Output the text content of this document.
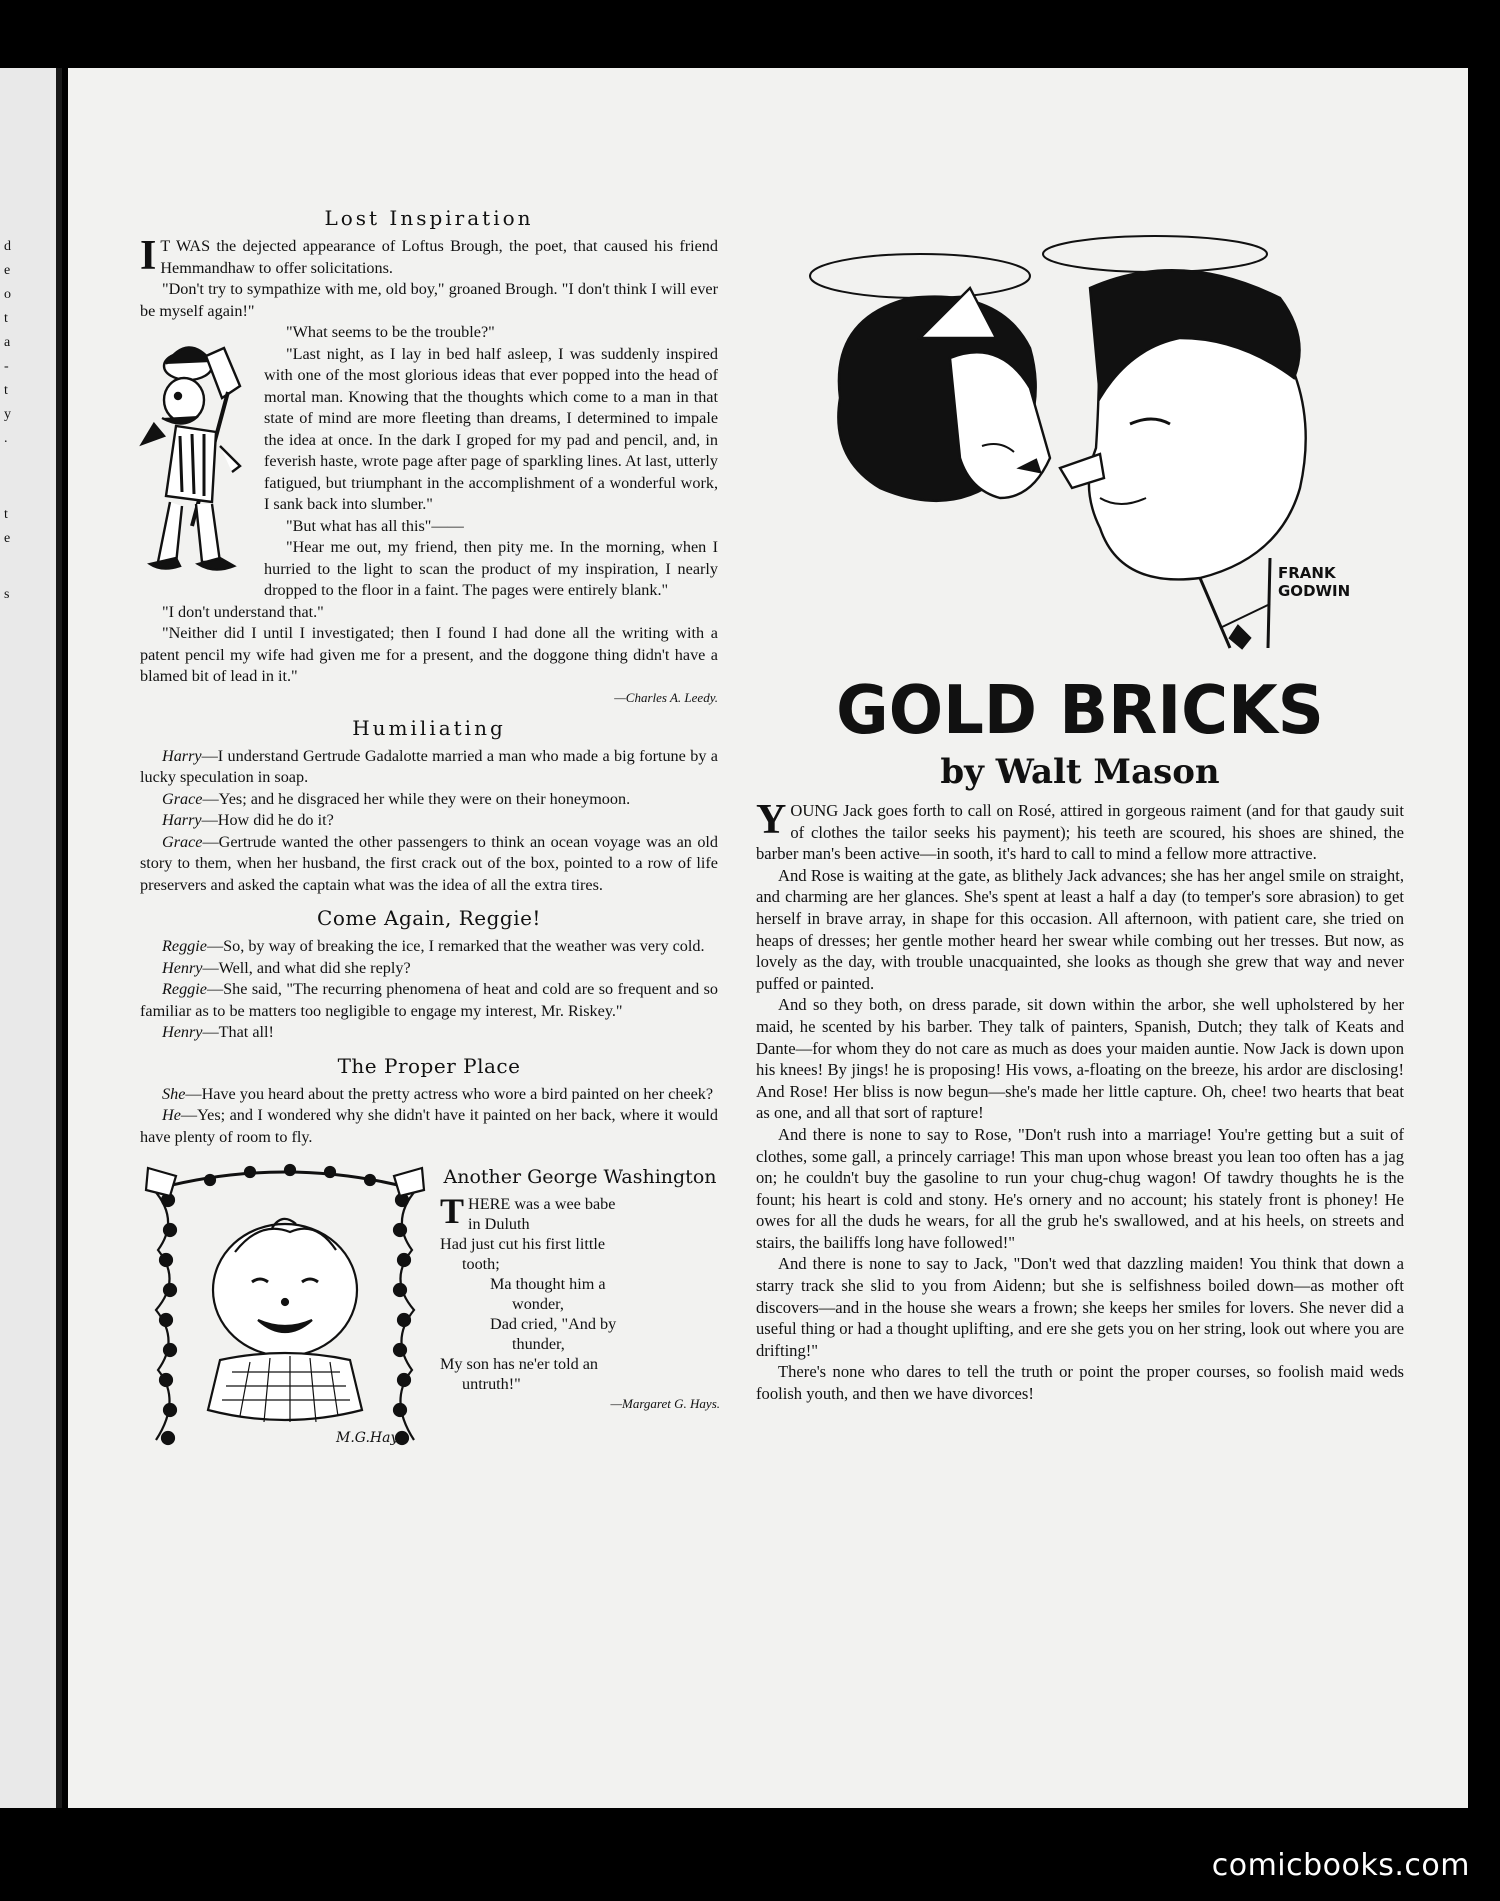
d
e
o
t
a
-
t
y
.
t
e
s
Lost Inspiration

I T WAS the dejected appearance of Loftus Brough, the poet, that caused his friend Hemmandhaw to offer solicitations.

"Don't try to sympathize with me, old boy," groaned Brough. "I don't think I will ever be myself again!"

"What seems to be the trouble?"

"Last night, as I lay in bed half asleep, I was suddenly inspired with one of the most glorious ideas that ever popped into the head of mortal man. Knowing that the thoughts which come to a man in that state of mind are more fleeting than dreams, I determined to impale the idea at once. In the dark I groped for my pad and pencil, and, in feverish haste, wrote page after page of sparkling lines. At last, utterly fatigued, but triumphant in the accomplishment of a wonderful work, I sank back into slumber."

"But what has all this"——

"Hear me out, my friend, then pity me. In the morning, when I hurried to the light to scan the product of my inspiration, I nearly dropped to the floor in a faint. The pages were entirely blank."

"I don't understand that."

"Neither did I until I investigated; then I found I had done all the writing with a patent pencil my wife had given me for a present, and the doggone thing didn't have a blamed bit of lead in it."

—Charles A. Leedy.
Humiliating

Harry—I understand Gertrude Gadalotte married a man who made a big fortune by a lucky speculation in soap.

Grace—Yes; and he disgraced her while they were on their honeymoon.

Harry—How did he do it?

Grace—Gertrude wanted the other passengers to think an ocean voyage was an old story to them, when her husband, the first crack out of the box, pointed to a row of life preservers and asked the captain what was the idea of all the extra tires.

Come Again, Reggie!

Reggie—So, by way of breaking the ice, I remarked that the weather was very cold.

Henry—Well, and what did she reply?

Reggie—She said, "The recurring phenomena of heat and cold are so frequent and so familiar as to be matters too negligible to engage my interest, Mr. Riskey."

Henry—That all!

The Proper Place

She—Have you heard about the pretty actress who wore a bird painted on her cheek?

He—Yes; and I wondered why she didn't have it painted on her back, where it would have plenty of room to fly.

M.G.Hays
Another George Washington

THERE was a wee babe

in Duluth

Had just cut his first little

tooth;

Ma thought him a

wonder,

Dad cried, "And by

thunder,

My son has ne'er told an

untruth!"

—Margaret G. Hays.
FRANK
GODWIN
GOLD BRICKS
by Walt Mason

YOUNG Jack goes forth to call on Rosé, attired in gorgeous raiment (and for that gaudy suit of clothes the tailor seeks his payment); his teeth are scoured, his shoes are shined, the barber man's been active—in sooth, it's hard to call to mind a fellow more attractive.

And Rose is waiting at the gate, as blithely Jack advances; she has her angel smile on straight, and charming are her glances. She's spent at least a half a day (to temper's sore abrasion) to get herself in brave array, in shape for this occasion. All afternoon, with patient care, she tried on heaps of dresses; her gentle mother heard her swear while combing out her tresses. But now, as lovely as the day, with trouble unacquainted, she looks as though she grew that way and never puffed or painted.

And so they both, on dress parade, sit down within the arbor, she well upholstered by her maid, he scented by his barber. They talk of painters, Spanish, Dutch; they talk of Keats and Dante—for whom they do not care as much as does your maiden auntie. Now Jack is down upon his knees! By jings! he is proposing! His vows, a-floating on the breeze, his ardor are disclosing! And Rose! Her bliss is now begun—she's made her little capture. Oh, chee! two hearts that beat as one, and all that sort of rapture!

And there is none to say to Rose, "Don't rush into a marriage! You're getting but a suit of clothes, some gall, a princely carriage! This man upon whose breast you lean too often has a jag on; he couldn't buy the gasoline to run your chug-chug wagon! Of tawdry thoughts he is the fount; his heart is cold and stony. He's ornery and no account; his stately front is phoney! He owes for all the duds he wears, for all the grub he's swallowed, and at his heels, on streets and stairs, the bailiffs long have followed!"

And there is none to say to Jack, "Don't wed that dazzling maiden! You think that down a starry track she slid to you from Aidenn; but she is selfishness boiled down—as mother oft discovers—and in the house she wears a frown; she keeps her smiles for lovers. She never did a useful thing or had a thought uplifting, and ere she gets you on her string, look out where you are drifting!"

There's none who dares to tell the truth or point the proper courses, so foolish maid weds foolish youth, and then we have divorces!

comicbooks.com
